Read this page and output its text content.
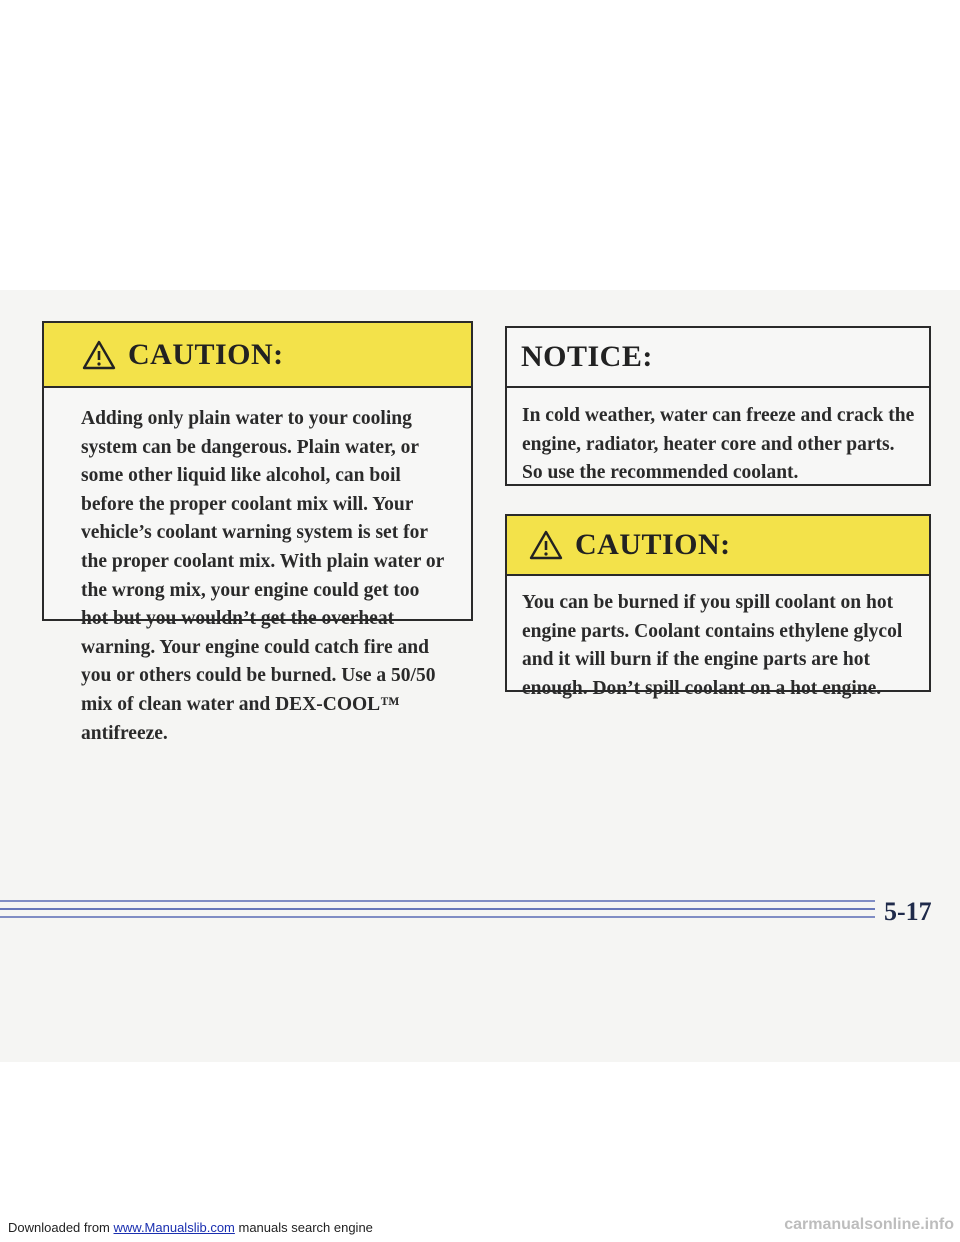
CAUTION:
Adding only plain water to your cooling system can be dangerous. Plain water, or some other liquid like alcohol, can boil before the proper coolant mix will. Your vehicle’s coolant warning system is set for the proper coolant mix. With plain water or the wrong mix, your engine could get too hot but you wouldn’t get the overheat warning. Your engine could catch fire and you or others could be burned. Use a 50/50 mix of clean water and DEX-COOL™ antifreeze.
NOTICE:
In cold weather, water can freeze and crack the engine, radiator, heater core and other parts. So use the recommended coolant.
CAUTION:
You can be burned if you spill coolant on hot engine parts. Coolant contains ethylene glycol and it will burn if the engine parts are hot enough. Don’t spill coolant on a hot engine.
5-17
Downloaded from www.Manualslib.com manuals search engine	carmanualsonline.info
